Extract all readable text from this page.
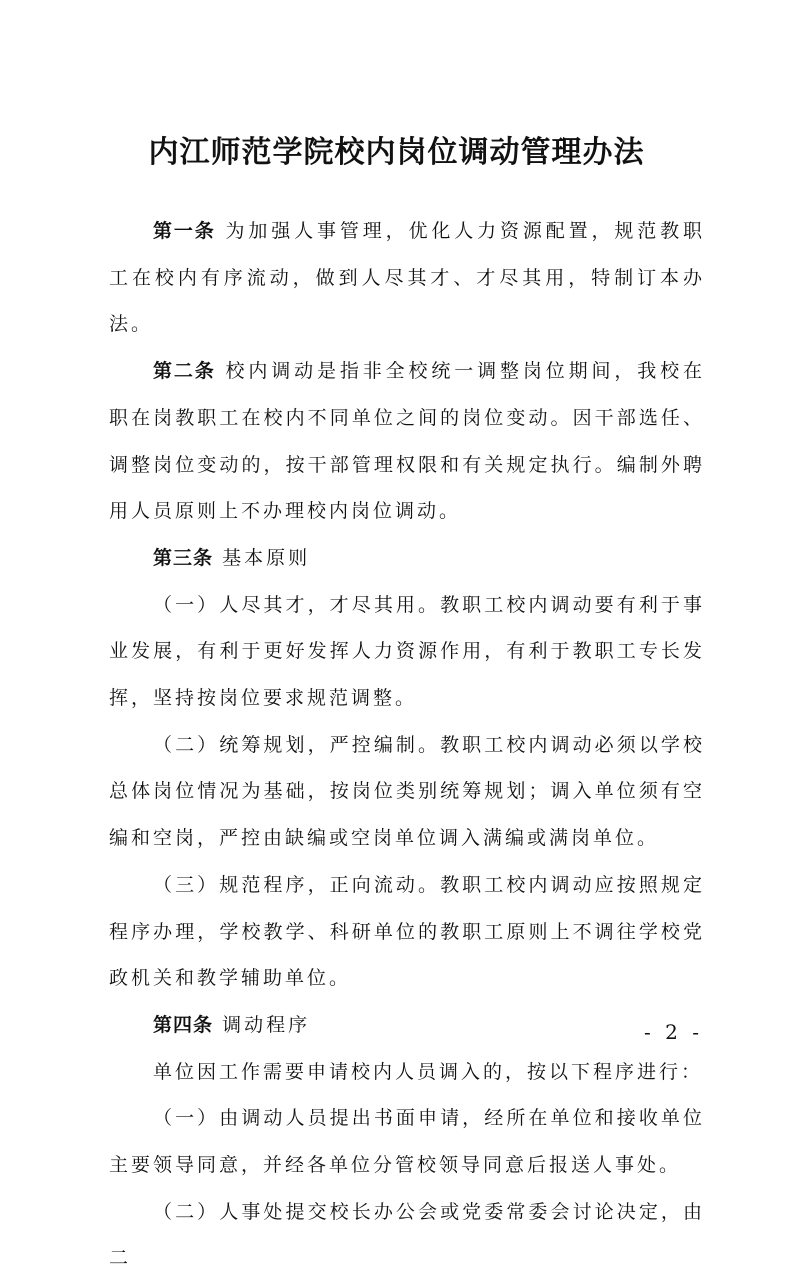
内江师范学院校内岗位调动管理办法

第一条 为加强人事管理，优化人力资源配置，规范教职工在校内有序流动，做到人尽其才、才尽其用，特制订本办法。

第二条 校内调动是指非全校统一调整岗位期间，我校在职在岗教职工在校内不同单位之间的岗位变动。因干部选任、调整岗位变动的，按干部管理权限和有关规定执行。编制外聘用人员原则上不办理校内岗位调动。

第三条 基本原则

（一）人尽其才，才尽其用。教职工校内调动要有利于事业发展，有利于更好发挥人力资源作用，有利于教职工专长发挥，坚持按岗位要求规范调整。

（二）统筹规划，严控编制。教职工校内调动必须以学校总体岗位情况为基础，按岗位类别统筹规划；调入单位须有空编和空岗，严控由缺编或空岗单位调入满编或满岗单位。

（三）规范程序，正向流动。教职工校内调动应按照规定程序办理，学校教学、科研单位的教职工原则上不调往学校党政机关和教学辅助单位。

第四条 调动程序

单位因工作需要申请校内人员调入的，按以下程序进行：

（一）由调动人员提出书面申请，经所在单位和接收单位主要领导同意，并经各单位分管校领导同意后报送人事处。

（二）人事处提交校长办公会或党委常委会讨论决定，由二

- 2 -
